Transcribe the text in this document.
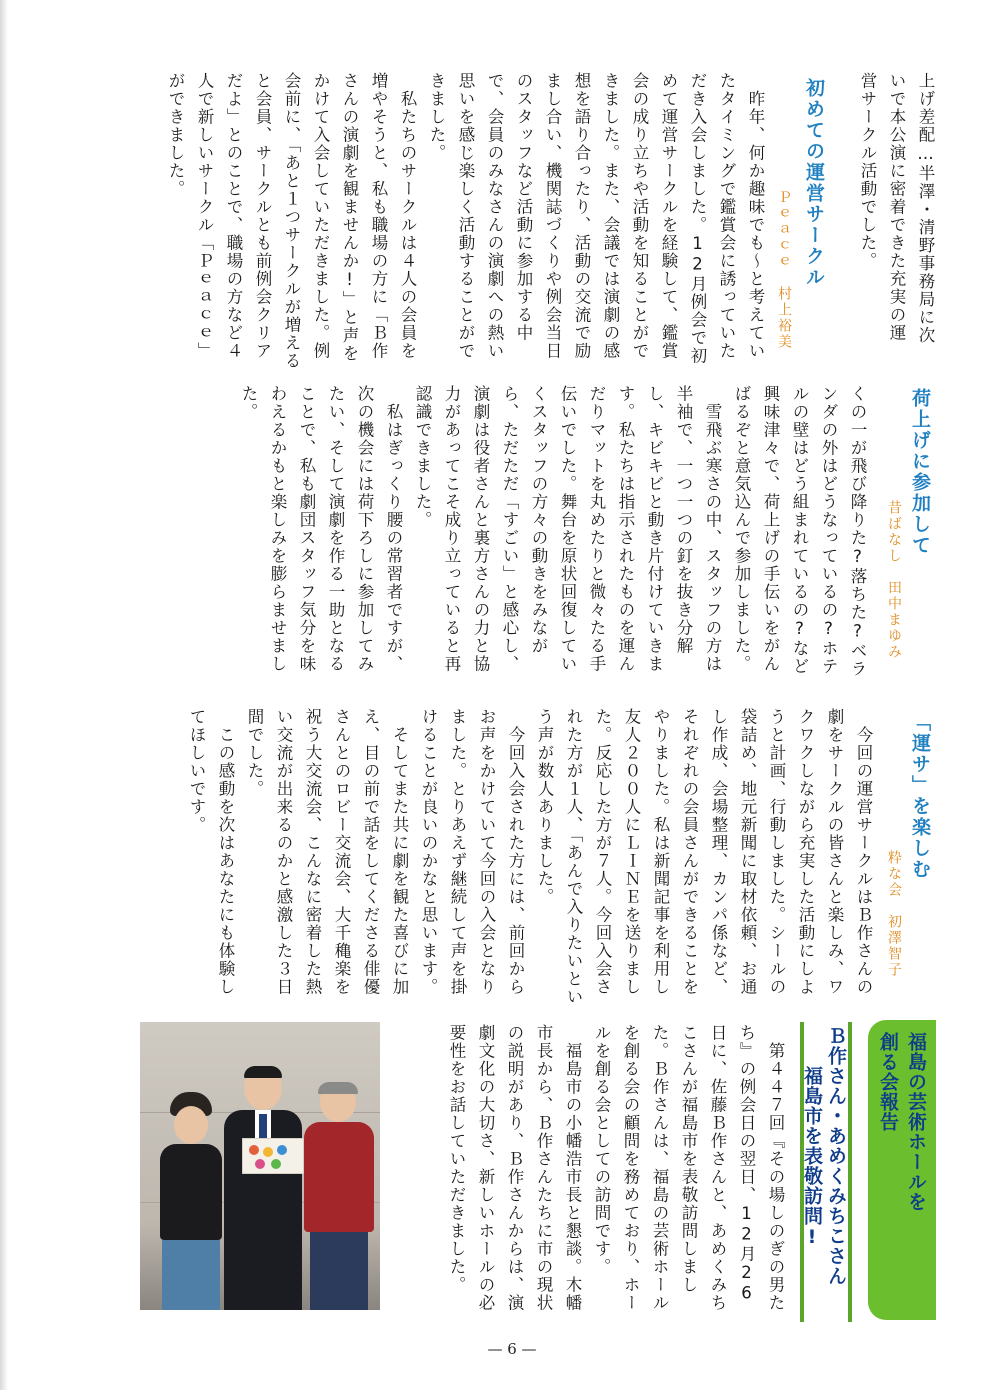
上げ差配…半澤・清野事務局に次いで本公演に密着できた充実の運営サークル活動でした。
初めての運営サークル
Ｐｅａｃｅ　村上裕美
　昨年、何か趣味でも〜と考えていたタイミングで鑑賞会に誘っていただき入会しました。12月例会で初めて運営サークルを経験して、鑑賞会の成り立ちや活動を知ることができました。また、会議では演劇の感想を語り合ったり、活動の交流で励まし合い、機関誌づくりや例会当日のスタッフなど活動に参加する中で、会員のみなさんの演劇への熱い思いを感じ楽しく活動することができました。
　私たちのサークルは４人の会員を増やそうと、私も職場の方に「Ｂ作さんの演劇を観ませんか!」と声をかけて入会していただきました。例会前に、「あと１つサークルが増えると会員、サークルとも前例会クリアだよ」とのことで、職場の方など４人で新しいサークル「Ｐｅａｃｅ」ができました。
荷上げに参加して
昔ばなし　田中まゆみ
くの一が飛び降りた?落ちた?ベランダの外はどうなっているの?ホテルの壁はどう組まれているの?など興味津々で、荷上げの手伝いをがんばるぞと意気込んで参加しました。
　雪飛ぶ寒さの中、スタッフの方は半袖で、一つ一つの釘を抜き分解し、キビキビと動き片付けていきます。私たちは指示されたものを運んだりマットを丸めたりと微々たる手伝いでした。舞台を原状回復していくスタッフの方々の動きをみながら、ただただ「すごい」と感心し、演劇は役者さんと裏方さんの力と協力があってこそ成り立っていると再認識できました。
　私はぎっくり腰の常習者ですが、次の機会には荷下ろしに参加してみたい、そして演劇を作る一助となることで、私も劇団スタッフ気分を味わえるかもと楽しみを膨らませました。
「運サ」を楽しむ
粋な会　初澤智子
　今回の運営サークルはＢ作さんの劇をサークルの皆さんと楽しみ、ワクワクしながら充実した活動にしようと計画、行動しました。シールの袋詰め、地元新聞に取材依頼、お通し作成、会場整理、カンパ係など、それぞれの会員さんができることをやりました。私は新聞記事を利用し友人２００人にＬＩＮＥを送りました。反応した方が７人。今回入会された方が１人、「あんで入りたいという声が数人ありました。
　今回入会された方には、前回からお声をかけていて今回の入会となりました。とりあえず継続して声を掛けることが良いのかなと思います。
　そしてまた共に劇を観た喜びに加え、目の前で話をしてくださる俳優さんとのロビー交流会、大千穐楽を祝う大交流会、こんなに密着した熱い交流が出来るのかと感激した３日間でした。
　この感動を次はあなたにも体験してほしいです。
福島の芸術ホールを
創る会報告
Ｂ作さん・あめくみちこさん
　　福島市を表敬訪問!
　第４４７回『その場しのぎの男たち』の例会日の翌日、12月26日に、佐藤Ｂ作さんと、あめくみちこさんが福島市を表敬訪問しました。Ｂ作さんは、福島の芸術ホールを創る会の顧問を務めており、ホールを創る会としての訪問です。
　福島市の小幡浩市長と懇談。木幡市長から、Ｂ作さんたちに市の現状の説明があり、Ｂ作さんからは、演劇文化の大切さ、新しいホールの必要性をお話していただきました。
— 6 —
